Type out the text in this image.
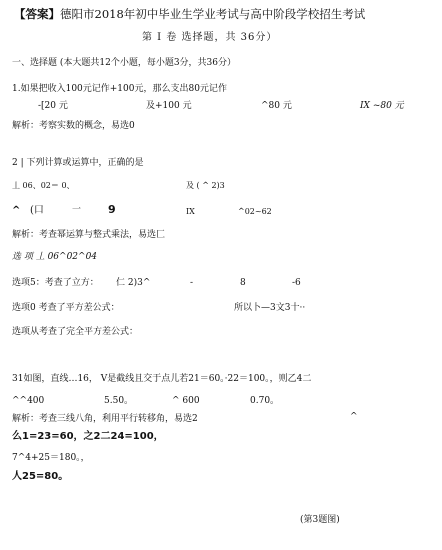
【答案】德阳市2018年初中毕业生学业考试与高中阶段学校招生考试
第 I 卷 选择题，共 36分）
一、选择题 (本大题共12个小题，每小题3分，共36分）
1.如果把收入100元记作+100元，那么支出80元记作
-[20 元	及+100 元	^80 元	IX ~80 元
解析：考察实数的概念，易选0
2 | 下列计算或运算中，正确的是
丄 06、02＝ 0、	及 ( ^ 2)3
^ (口	一 9	IX	^02~62
解析：考查幂运算与整式乘法，易选匚
选 项 丄 06^02^04
选项5：考查了立方： 仁 2)3^	-	8	-6
选项0 考查了平方差公式：	所以卜—3文3十··
选项从考查了完全平方差公式：
31如图，直线…16， V是截线且交于点儿若21＝60。·22＝100。，则乙4二
^^400	5.50。	^ 600	0.70。
解析：考查三线八角，利用平行转移角，易选2	^
么1=23=60，之2二24=100，
7^4+25＝180。，
人25=80。
(第3题图)
